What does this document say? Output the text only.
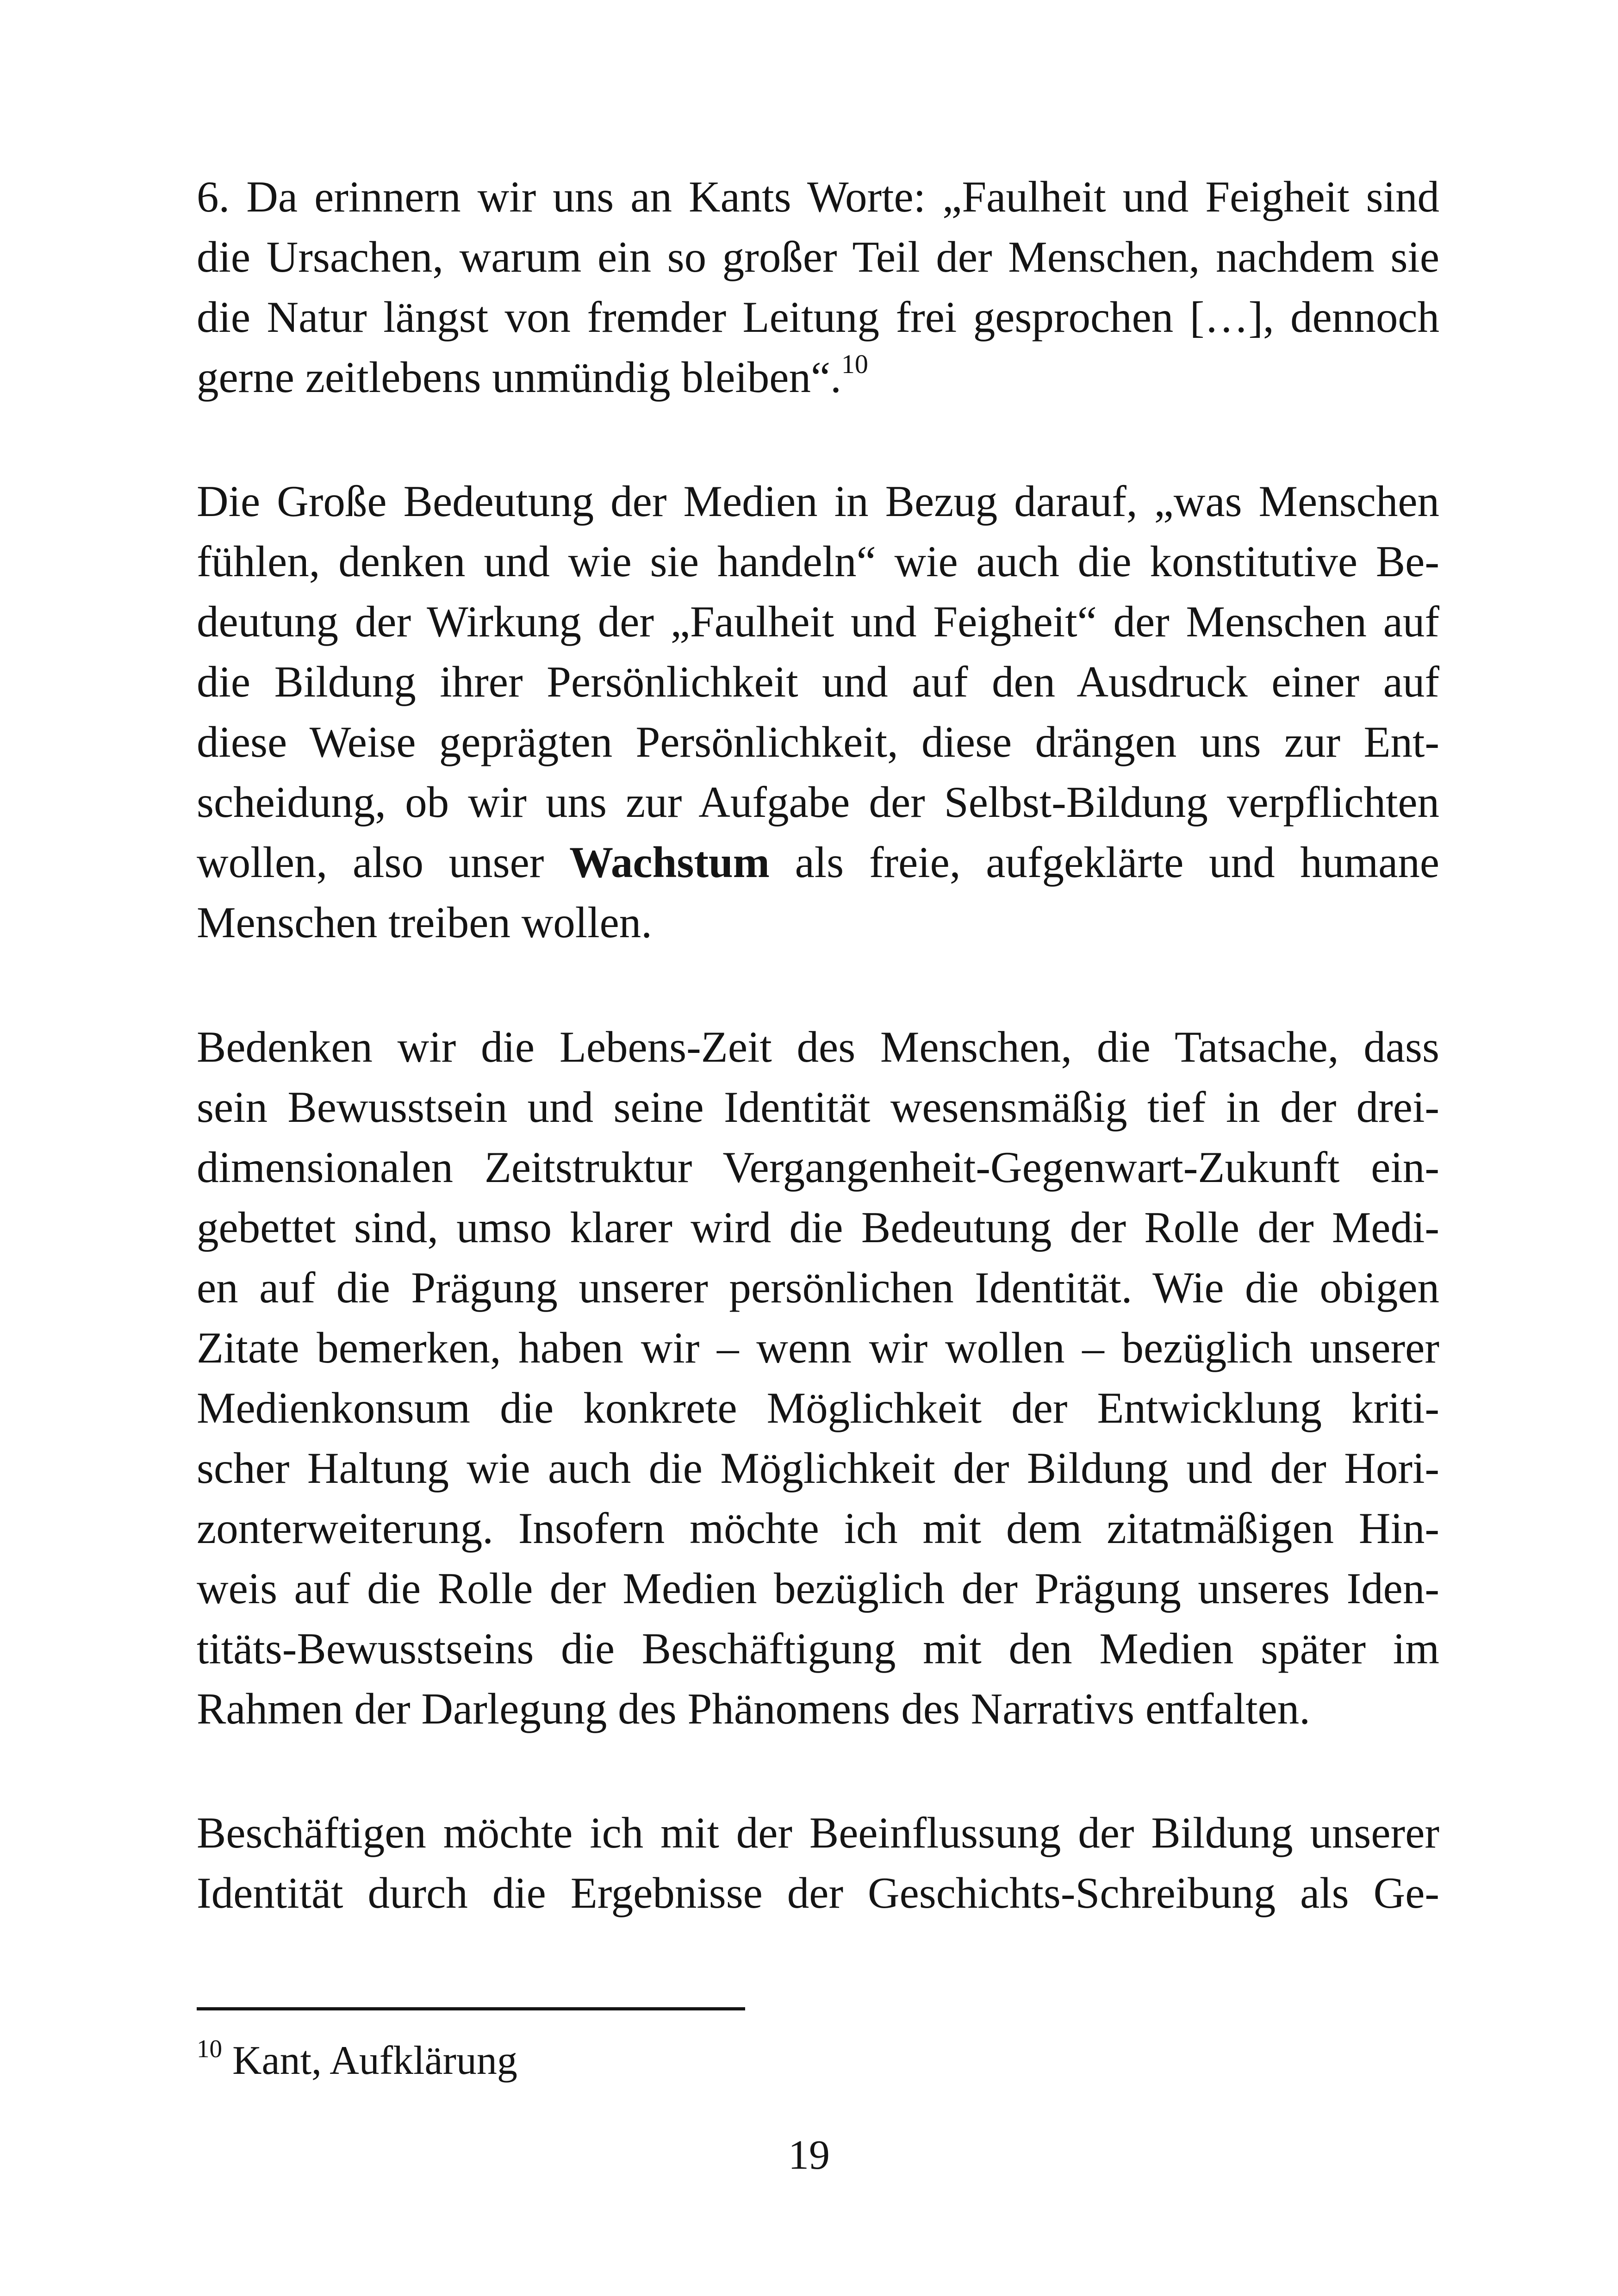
6. Da erinnern wir uns an Kants Worte: „Faulheit und Feigheit sind
die Ursachen, warum ein so großer Teil der Menschen, nachdem sie
die Natur längst von fremder Leitung frei gesprochen […], dennoch
gerne zeitlebens unmündig bleiben“.$^{10}$
Die Große Bedeutung der Medien in Bezug darauf, „was Menschen
fühlen, denken und wie sie handeln“ wie auch die konstitutive Be-
deutung der Wirkung der „Faulheit und Feigheit“ der Menschen auf
die Bildung ihrer Persönlichkeit und auf den Ausdruck einer auf
diese Weise geprägten Persönlichkeit, diese drängen uns zur Ent-
scheidung, ob wir uns zur Aufgabe der Selbst-Bildung verpflichten
wollen, also unser Wachstum als freie, aufgeklärte und humane
Menschen treiben wollen.
Bedenken wir die Lebens-Zeit des Menschen, die Tatsache, dass
sein Bewusstsein und seine Identität wesensmäßig tief in der drei-
dimensionalen Zeitstruktur Vergangenheit-Gegenwart-Zukunft ein-
gebettet sind, umso klarer wird die Bedeutung der Rolle der Medi-
en auf die Prägung unserer persönlichen Identität. Wie die obigen
Zitate bemerken, haben wir – wenn wir wollen – bezüglich unserer
Medienkonsum die konkrete Möglichkeit der Entwicklung kriti-
scher Haltung wie auch die Möglichkeit der Bildung und der Hori-
zonterweiterung. Insofern möchte ich mit dem zitatmäßigen Hin-
weis auf die Rolle der Medien bezüglich der Prägung unseres Iden-
titäts-Bewusstseins die Beschäftigung mit den Medien später im
Rahmen der Darlegung des Phänomens des Narrativs entfalten.
Beschäftigen möchte ich mit der Beeinflussung der Bildung unserer
Identität durch die Ergebnisse der Geschichts-Schreibung als Ge-
$^{10}$ Kant, Aufklärung
19
